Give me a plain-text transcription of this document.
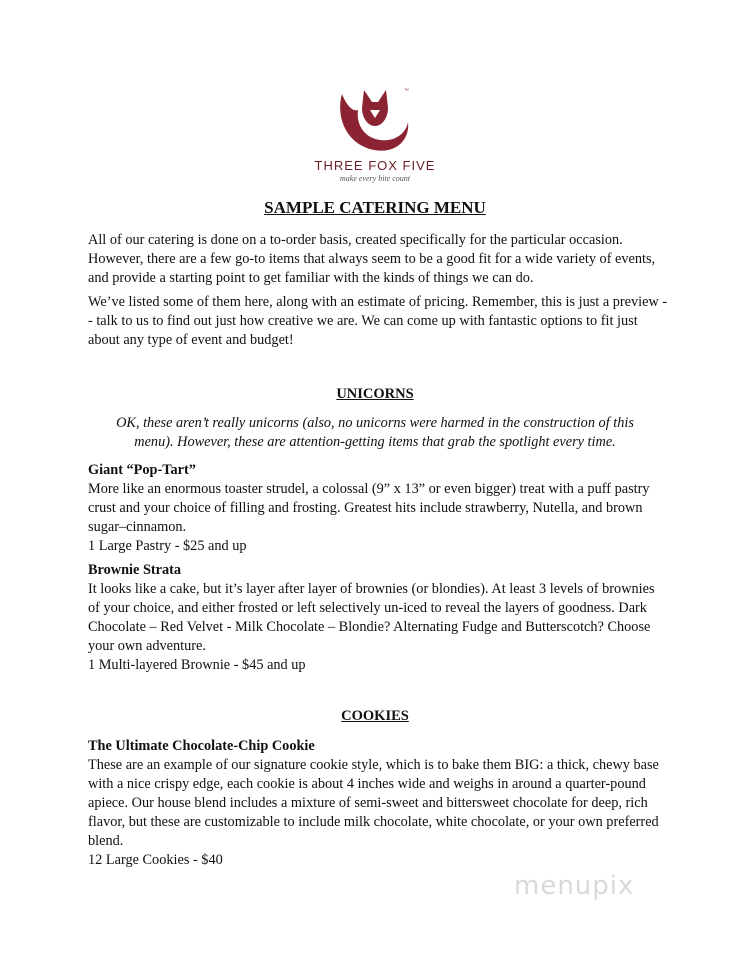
™
THREE FOX FIVE
make every bite count
SAMPLE CATERING MENU

All of our catering is done on a to-order basis, created specifically for the particular occasion. However, there are a few go-to items that always seem to be a good fit for a wide variety of events, and provide a starting point to get familiar with the kinds of things we can do.

We’ve listed some of them here, along with an estimate of pricing. Remember, this is just a preview -- talk to us to find out just how creative we are. We can come up with fantastic options to fit just about any type of event and budget!

UNICORNS

OK, these aren’t really unicorns (also, no unicorns were harmed in the construction of this menu). However, these are attention-getting items that grab the spotlight every time.

Giant “Pop-Tart”
More like an enormous toaster strudel, a colossal (9” x 13” or even bigger) treat with a puff pastry crust and your choice of filling and frosting. Greatest hits include strawberry, Nutella, and brown sugar–cinnamon.
1 Large Pastry - $25 and up
Brownie Strata
It looks like a cake, but it’s layer after layer of brownies (or blondies). At least 3 levels of brownies of your choice, and either frosted or left selectively un-iced to reveal the layers of goodness. Dark Chocolate – Red Velvet - Milk Chocolate – Blondie? Alternating Fudge and Butterscotch? Choose your own adventure.
1 Multi-layered Brownie - $45 and up
COOKIES
The Ultimate Chocolate-Chip Cookie
These are an example of our signature cookie style, which is to bake them BIG: a thick, chewy base with a nice crispy edge, each cookie is about 4 inches wide and weighs in around a quarter-pound apiece. Our house blend includes a mixture of semi-sweet and bittersweet chocolate for deep, rich flavor, but these are customizable to include milk chocolate, white chocolate, or your own preferred blend.
12 Large Cookies - $40
menupix
